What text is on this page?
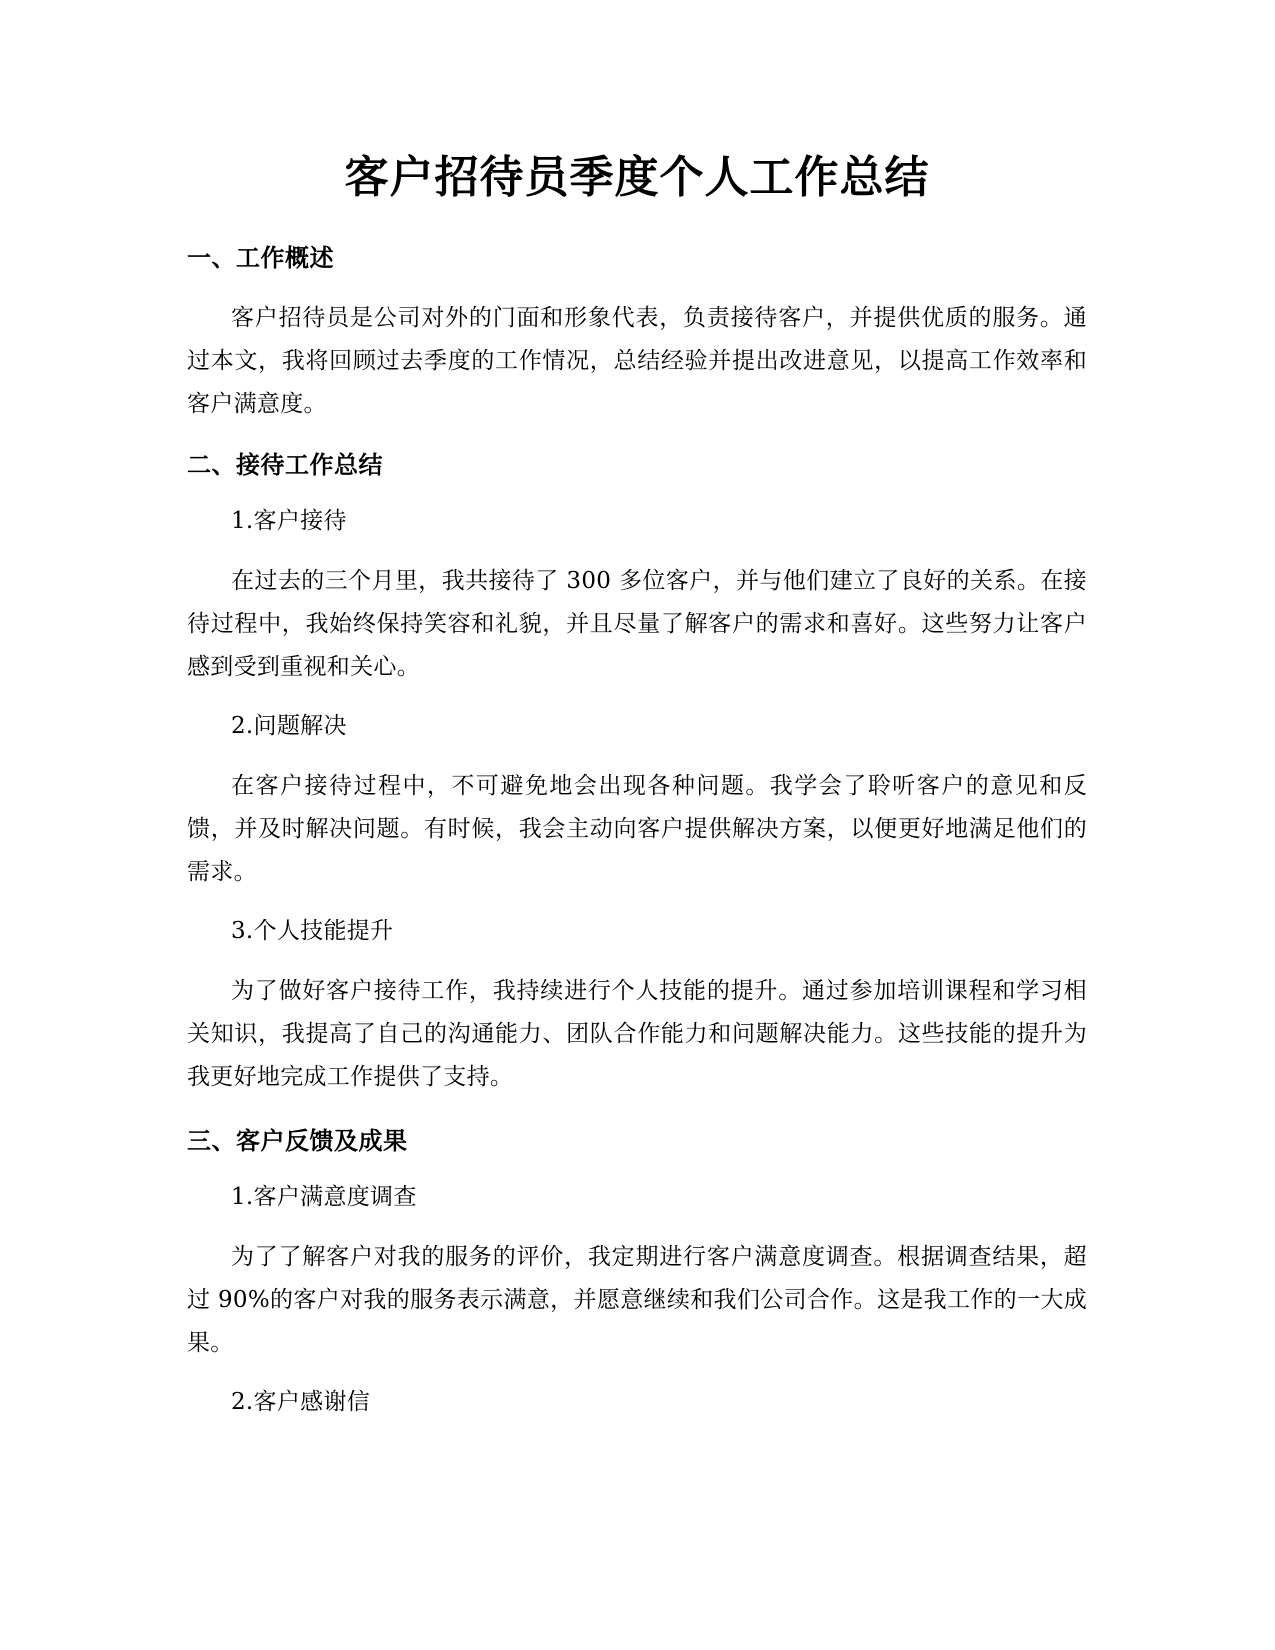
客户招待员季度个人工作总结
一、工作概述

客户招待员是公司对外的门面和形象代表，负责接待客户，并提供优质的服务。通过本文，我将回顾过去季度的工作情况，总结经验并提出改进意见，以提高工作效率和客户满意度。

二、接待工作总结

1.客户接待

在过去的三个月里，我共接待了 300 多位客户，并与他们建立了良好的关系。在接待过程中，我始终保持笑容和礼貌，并且尽量了解客户的需求和喜好。这些努力让客户感到受到重视和关心。

2.问题解决

在客户接待过程中，不可避免地会出现各种问题。我学会了聆听客户的意见和反馈，并及时解决问题。有时候，我会主动向客户提供解决方案，以便更好地满足他们的需求。

3.个人技能提升

为了做好客户接待工作，我持续进行个人技能的提升。通过参加培训课程和学习相关知识，我提高了自己的沟通能力、团队合作能力和问题解决能力。这些技能的提升为我更好地完成工作提供了支持。

三、客户反馈及成果

1.客户满意度调查

为了了解客户对我的服务的评价，我定期进行客户满意度调查。根据调查结果，超过 90%的客户对我的服务表示满意，并愿意继续和我们公司合作。这是我工作的一大成果。

2.客户感谢信
